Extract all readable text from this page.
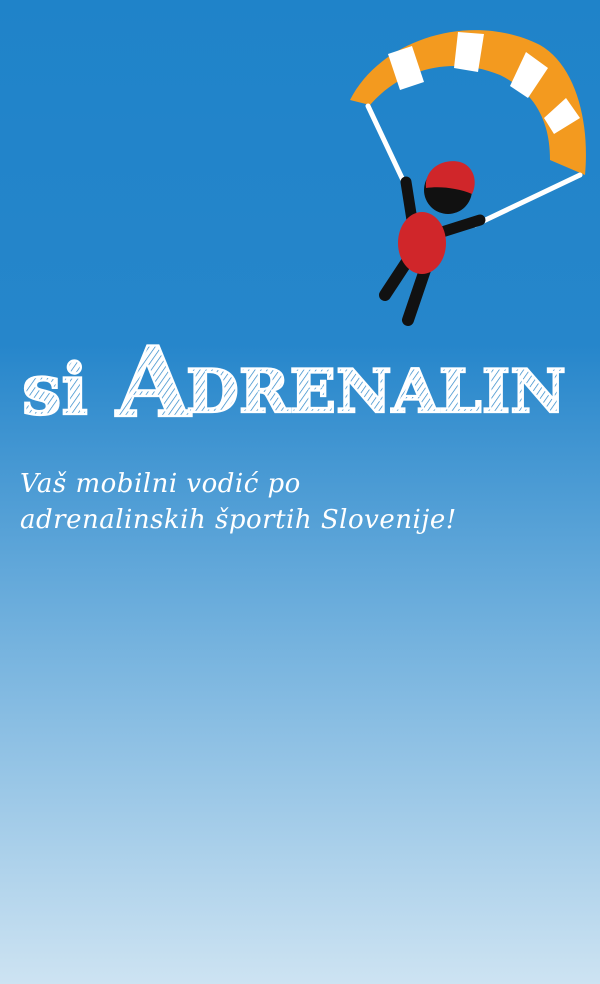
si A
DRENALIN

Vaš mobilni vodić po
adrenalinskih športih Slovenije!
